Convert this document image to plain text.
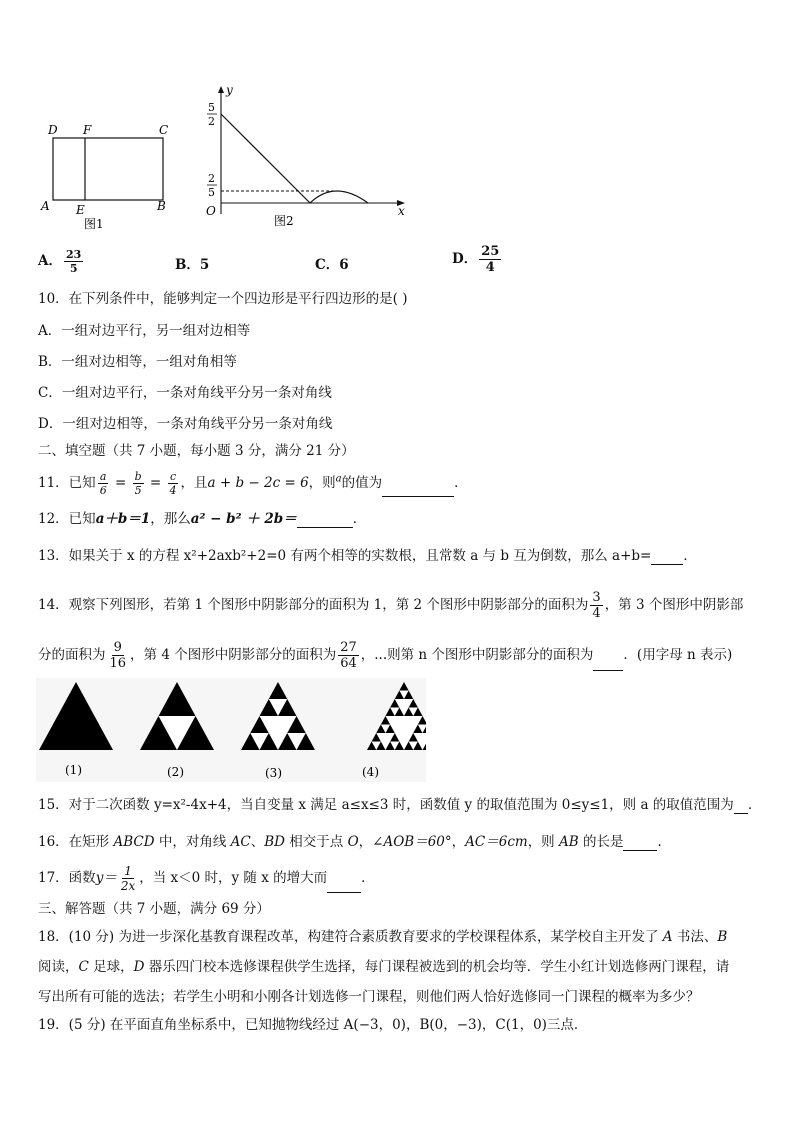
D F	C
A E	B
图1
y
x
O
5
2
2
5
图2
A． $\frac{23}{5}$	B．5	C．6	D． $\frac{25}{4}$
10．在下列条件中，能够判定一个四边形是平行四边形的是( )
A．一组对边平行，另一组对边相等
B．一组对边相等，一组对角相等
C．一组对边平行，一条对角线平分另一条对角线
D．一组对边相等，一条对角线平分另一条对角线
二、填空题（共 7 小题，每小题 3 分，满分 21 分）
11．已知 $\frac{a}{6} = \frac{b}{5} = \frac{c}{4}$ ，且a + b − 2c = 6，则$^a$的值为	．
12．已知a＋b＝1，那么a² − b² ＋ 2b＝	．
13．如果关于 x 的方程 x²+2axb²+2=0 有两个相等的实数根，且常数 a 与 b 互为倒数，那么 a+b= ．
14．观察下列图形，若第 1 个图形中阴影部分的面积为 1，第 2 个图形中阴影部分的面积为 $\frac{3}{4}$ ，第 3 个图形中阴影部
分的面积为 $\frac{9}{16}$ ，第 4 个图形中阴影部分的面积为 $\frac{27}{64}$ ，...则第 n 个图形中阴影部分的面积为 ．(用字母 n 表示)
(1)	(2)	(3)	(4)
15．对于二次函数 y=x²-4x+4，当自变量 x 满足 a≤x≤3 时，函数值 y 的取值范围为 0≤y≤1，则 a 的取值范围为 ．
16．在矩形 ABCD 中，对角线 AC、BD 相交于点 O，∠AOB＝60°，AC＝6cm，则 AB 的长是	．
17．函数$y= \frac{1}{2x}$ ，当 x＜0 时，y 随 x 的增大而	．
三、解答题（共 7 小题，满分 69 分）
18．(10 分) 为进一步深化基教育课程改革，构建符合素质教育要求的学校课程体系，某学校自主开发了 A 书法、B
阅读，C 足球，D 器乐四门校本选修课程供学生选择，每门课程被选到的机会均等．学生小红计划选修两门课程，请
写出所有可能的选法；若学生小明和小刚各计划选修一门课程，则他们两人恰好选修同一门课程的概率为多少？
19．(5 分) 在平面直角坐标系中，已知抛物线经过 A(−3，0)，B(0，−3)，C(1，0)三点．
